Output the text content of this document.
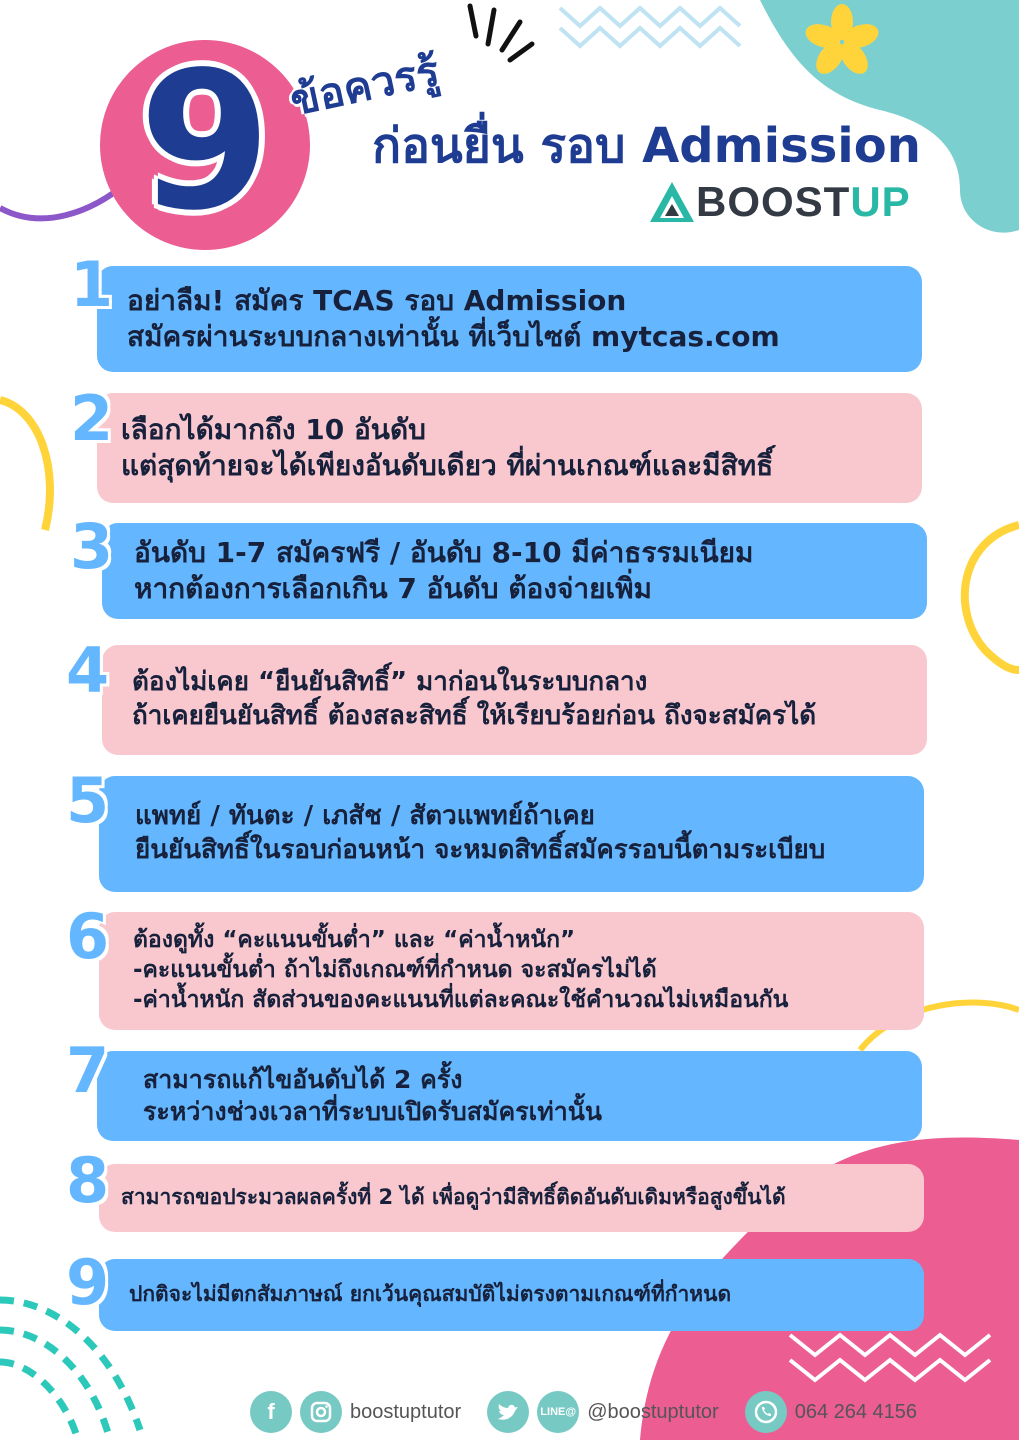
9 ข้อควรรู้
ก่อนยื่น รอบ Admission
BOOST UP
อย่าลืม! สมัคร TCAS รอบ Admission
สมัครผ่านระบบกลางเท่านั้น ที่เว็บไซต์ mytcas.com
1
เลือกได้มากถึง 10 อันดับ
แต่สุดท้ายจะได้เพียงอันดับเดียว ที่ผ่านเกณฑ์และมีสิทธิ์
2
อันดับ 1-7 สมัครฟรี / อันดับ 8-10 มีค่าธรรมเนียม
หากต้องการเลือกเกิน 7 อันดับ ต้องจ่ายเพิ่ม
3
ต้องไม่เคย “ยืนยันสิทธิ์” มาก่อนในระบบกลาง
ถ้าเคยยืนยันสิทธิ์ ต้องสละสิทธิ์ ให้เรียบร้อยก่อน ถึงจะสมัครได้
4
แพทย์ / ทันตะ / เภสัช / สัตวแพทย์ถ้าเคย
ยืนยันสิทธิ์ในรอบก่อนหน้า จะหมดสิทธิ์สมัครรอบนี้ตามระเบียบ
5
ต้องดูทั้ง “คะแนนขั้นต่ำ” และ “ค่าน้ำหนัก”
-คะแนนขั้นต่ำ ถ้าไม่ถึงเกณฑ์ที่กำหนด จะสมัครไม่ได้
-ค่าน้ำหนัก สัดส่วนของคะแนนที่แต่ละคณะใช้คำนวณไม่เหมือนกัน
6
สามารถแก้ไขอันดับได้ 2 ครั้ง
ระหว่างช่วงเวลาที่ระบบเปิดรับสมัครเท่านั้น
7
สามารถขอประมวลผลครั้งที่ 2 ได้ เพื่อดูว่ามีสิทธิ์ติดอันดับเดิมหรือสูงขึ้นได้
8
ปกติจะไม่มีตกสัมภาษณ์ ยกเว้นคุณสมบัติไม่ตรงตามเกณฑ์ที่กำหนด
9
f	boostuptutor	LINE@ @boostuptutor	064 264 4156
